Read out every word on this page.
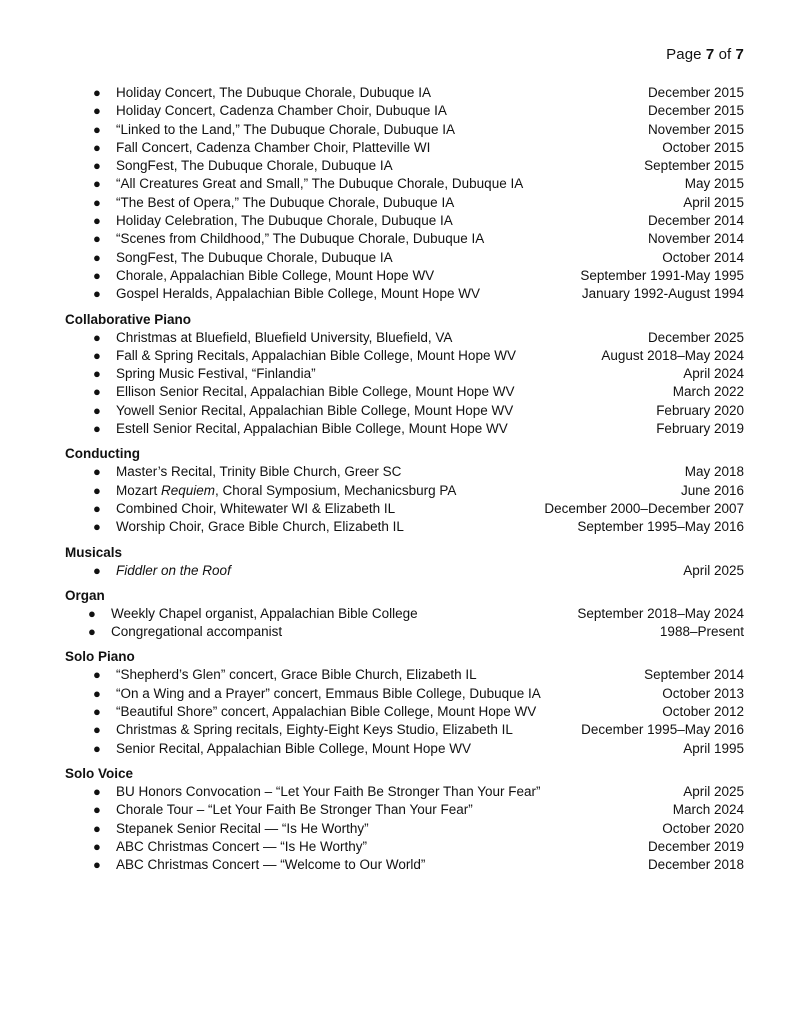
Page 7 of 7
●	Holiday Concert, The Dubuque Chorale, Dubuque IA	December 2015
●	Holiday Concert, Cadenza Chamber Choir, Dubuque IA	December 2015
●	“Linked to the Land,” The Dubuque Chorale, Dubuque IA	November 2015
●	Fall Concert, Cadenza Chamber Choir, Platteville WI	October 2015
●	SongFest, The Dubuque Chorale, Dubuque IA	September 2015
●	“All Creatures Great and Small,” The Dubuque Chorale, Dubuque IA	May 2015
●	“The Best of Opera,” The Dubuque Chorale, Dubuque IA	April 2015
●	Holiday Celebration, The Dubuque Chorale, Dubuque IA	December 2014
●	“Scenes from Childhood,” The Dubuque Chorale, Dubuque IA	November 2014
●	SongFest, The Dubuque Chorale, Dubuque IA	October 2014
●	Chorale, Appalachian Bible College, Mount Hope WV	September 1991-May 1995
●	Gospel Heralds, Appalachian Bible College, Mount Hope WV	January 1992-August 1994
Collaborative Piano
●	Christmas at Bluefield, Bluefield University, Bluefield, VA	December 2025
●	Fall & Spring Recitals, Appalachian Bible College, Mount Hope WV	August 2018–May 2024
●	Spring Music Festival, “Finlandia”	April 2024
●	Ellison Senior Recital, Appalachian Bible College, Mount Hope WV	March 2022
●	Yowell Senior Recital, Appalachian Bible College, Mount Hope WV	February 2020
●	Estell Senior Recital, Appalachian Bible College, Mount Hope WV	February 2019
Conducting
●	Master’s Recital, Trinity Bible Church, Greer SC	May 2018
●	Mozart Requiem, Choral Symposium, Mechanicsburg PA	June 2016
●	Combined Choir, Whitewater WI & Elizabeth IL	December 2000–December 2007
●	Worship Choir, Grace Bible Church, Elizabeth IL	September 1995–May 2016
Musicals
●	Fiddler on the Roof	April 2025
Organ
●	Weekly Chapel organist, Appalachian Bible College	September 2018–May 2024
●	Congregational accompanist	1988–Present
Solo Piano
●	“Shepherd’s Glen” concert, Grace Bible Church, Elizabeth IL	September 2014
●	“On a Wing and a Prayer” concert, Emmaus Bible College, Dubuque IA	October 2013
●	“Beautiful Shore” concert, Appalachian Bible College, Mount Hope WV	October 2012
●	Christmas & Spring recitals, Eighty-Eight Keys Studio, Elizabeth IL	December 1995–May 2016
●	Senior Recital, Appalachian Bible College, Mount Hope WV	April 1995
Solo Voice
●	BU Honors Convocation – “Let Your Faith Be Stronger Than Your Fear”	April 2025
●	Chorale Tour – “Let Your Faith Be Stronger Than Your Fear”	March 2024
●	Stepanek Senior Recital — “Is He Worthy”	October 2020
●	ABC Christmas Concert — “Is He Worthy”	December 2019
●	ABC Christmas Concert — “Welcome to Our World”	December 2018
